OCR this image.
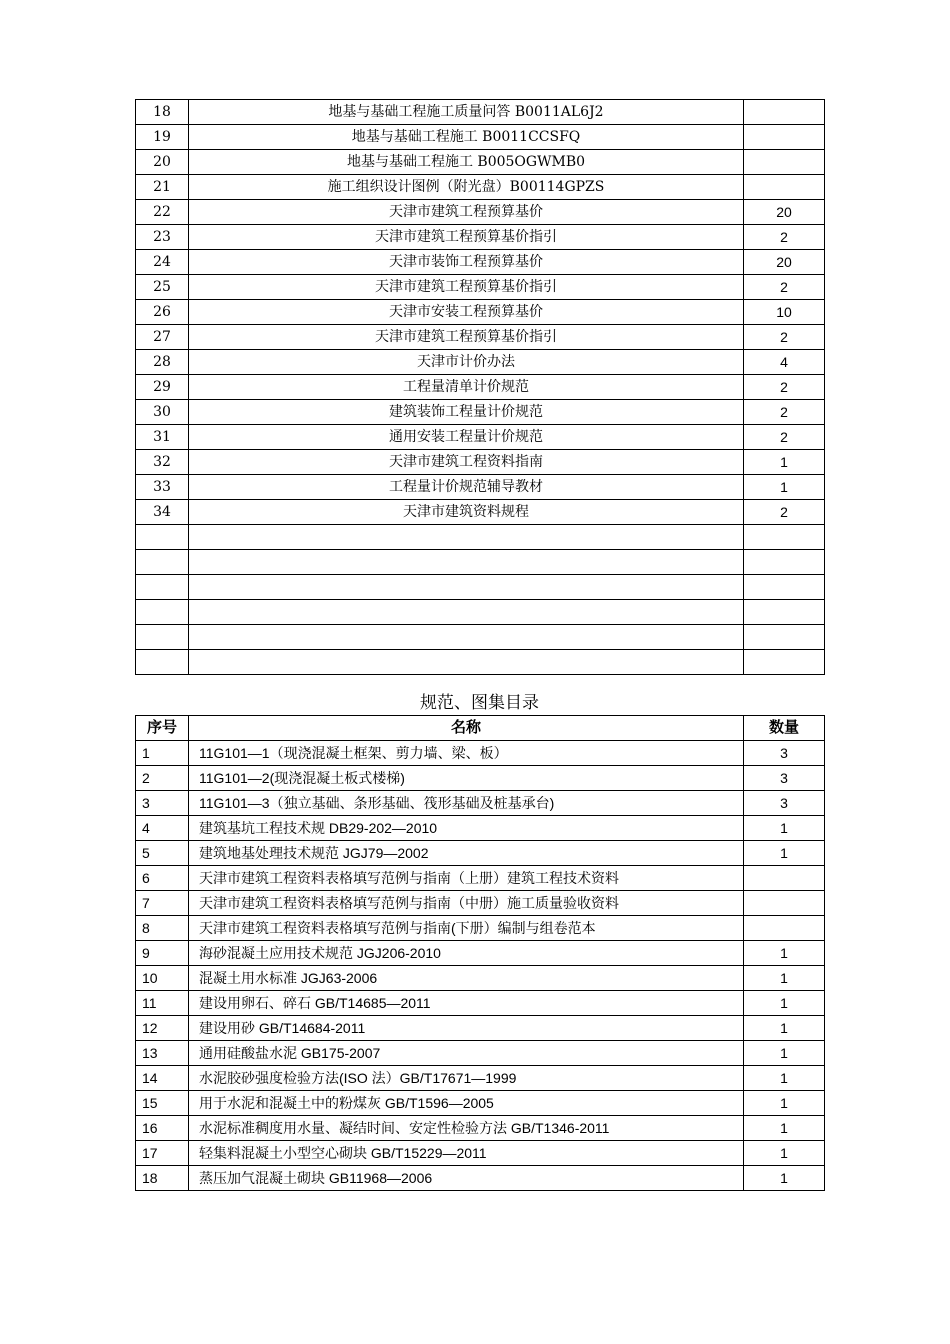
18	地基与基础工程施工质量问答 B0011AL6J2	
19	地基与基础工程施工 B0011CCSFQ	
20	地基与基础工程施工 B005OGWMB0	
21	施工组织设计图例（附光盘）B00114GPZS	
22	天津市建筑工程预算基价	20
23	天津市建筑工程预算基价指引	2
24	天津市装饰工程预算基价	20
25	天津市建筑工程预算基价指引	2
26	天津市安装工程预算基价	10
27	天津市建筑工程预算基价指引	2
28	天津市计价办法	4
29	工程量清单计价规范	2
30	建筑装饰工程量计价规范	2
31	通用安装工程量计价规范	2
32	天津市建筑工程资料指南	1
33	工程量计价规范辅导教材	1
34	天津市建筑资料规程	2

规范、图集目录
序号	名称	数量
1	11G101—1（现浇混凝土框架、剪力墙、梁、板）	3
2	11G101—2(现浇混凝土板式楼梯)	3
3	11G101—3（独立基础、条形基础、筏形基础及桩基承台)	3
4	建筑基坑工程技术规 DB29-202—2010	1
5	建筑地基处理技术规范 JGJ79—2002	1
6	天津市建筑工程资料表格填写范例与指南（上册）建筑工程技术资料	
7	天津市建筑工程资料表格填写范例与指南（中册）施工质量验收资料	
8	天津市建筑工程资料表格填写范例与指南(下册）编制与组卷范本	
9	海砂混凝土应用技术规范 JGJ206-2010	1
10	混凝土用水标准 JGJ63-2006	1
11	建设用卵石、碎石 GB/T14685—2011	1
12	建设用砂 GB/T14684-2011	1
13	通用硅酸盐水泥 GB175-2007	1
14	水泥胶砂强度检验方法(ISO 法）GB/T17671—1999	1
15	用于水泥和混凝土中的粉煤灰 GB/T1596—2005	1
16	水泥标准稠度用水量、凝结时间、安定性检验方法 GB/T1346-2011	1
17	轻集料混凝土小型空心砌块 GB/T15229—2011	1
18	蒸压加气混凝土砌块 GB11968—2006	1
